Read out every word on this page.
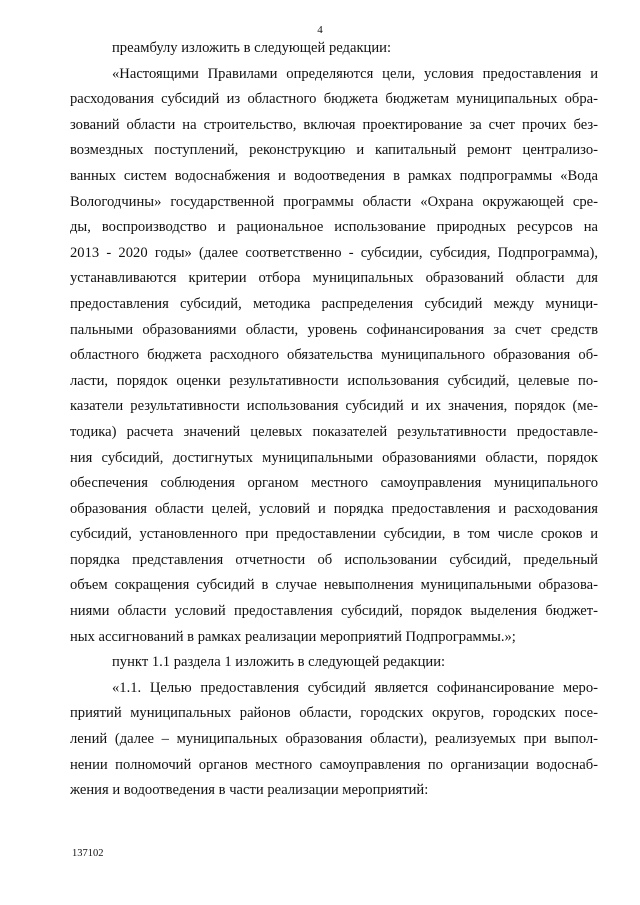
4
преамбулу изложить в следующей редакции:
«Настоящими Правилами определяются цели, условия предоставления и
расходования субсидий из областного бюджета бюджетам муниципальных обра-
зований области на строительство, включая проектирование за счет прочих без-
возмездных поступлений, реконструкцию и капитальный ремонт централизо-
ванных систем водоснабжения и водоотведения в рамках подпрограммы «Вода
Вологодчины» государственной программы области «Охрана окружающей сре-
ды, воспроизводство и рациональное использование природных ресурсов на
2013 - 2020 годы» (далее соответственно - субсидии, субсидия, Подпрограмма),
устанавливаются критерии отбора муниципальных образований области для
предоставления субсидий, методика распределения субсидий между муници-
пальными образованиями области, уровень софинансирования за счет средств
областного бюджета расходного обязательства муниципального образования об-
ласти, порядок оценки результативности использования субсидий, целевые по-
казатели результативности использования субсидий и их значения, порядок (ме-
тодика) расчета значений целевых показателей результативности предоставле-
ния субсидий, достигнутых муниципальными образованиями области, порядок
обеспечения соблюдения органом местного самоуправления муниципального
образования области целей, условий и порядка предоставления и расходования
субсидий, установленного при предоставлении субсидии, в том числе сроков и
порядка представления отчетности об использовании субсидий, предельный
объем сокращения субсидий в случае невыполнения муниципальными образова-
ниями области условий предоставления субсидий, порядок выделения бюджет-
ных ассигнований в рамках реализации мероприятий Подпрограммы.»;
пункт 1.1 раздела 1 изложить в следующей редакции:
«1.1. Целью предоставления субсидий является софинансирование меро-
приятий муниципальных районов области, городских округов, городских посе-
лений (далее – муниципальных образования области), реализуемых при выпол-
нении полномочий органов местного самоуправления по организации водоснаб-
жения и водоотведения в части реализации мероприятий:
137102
